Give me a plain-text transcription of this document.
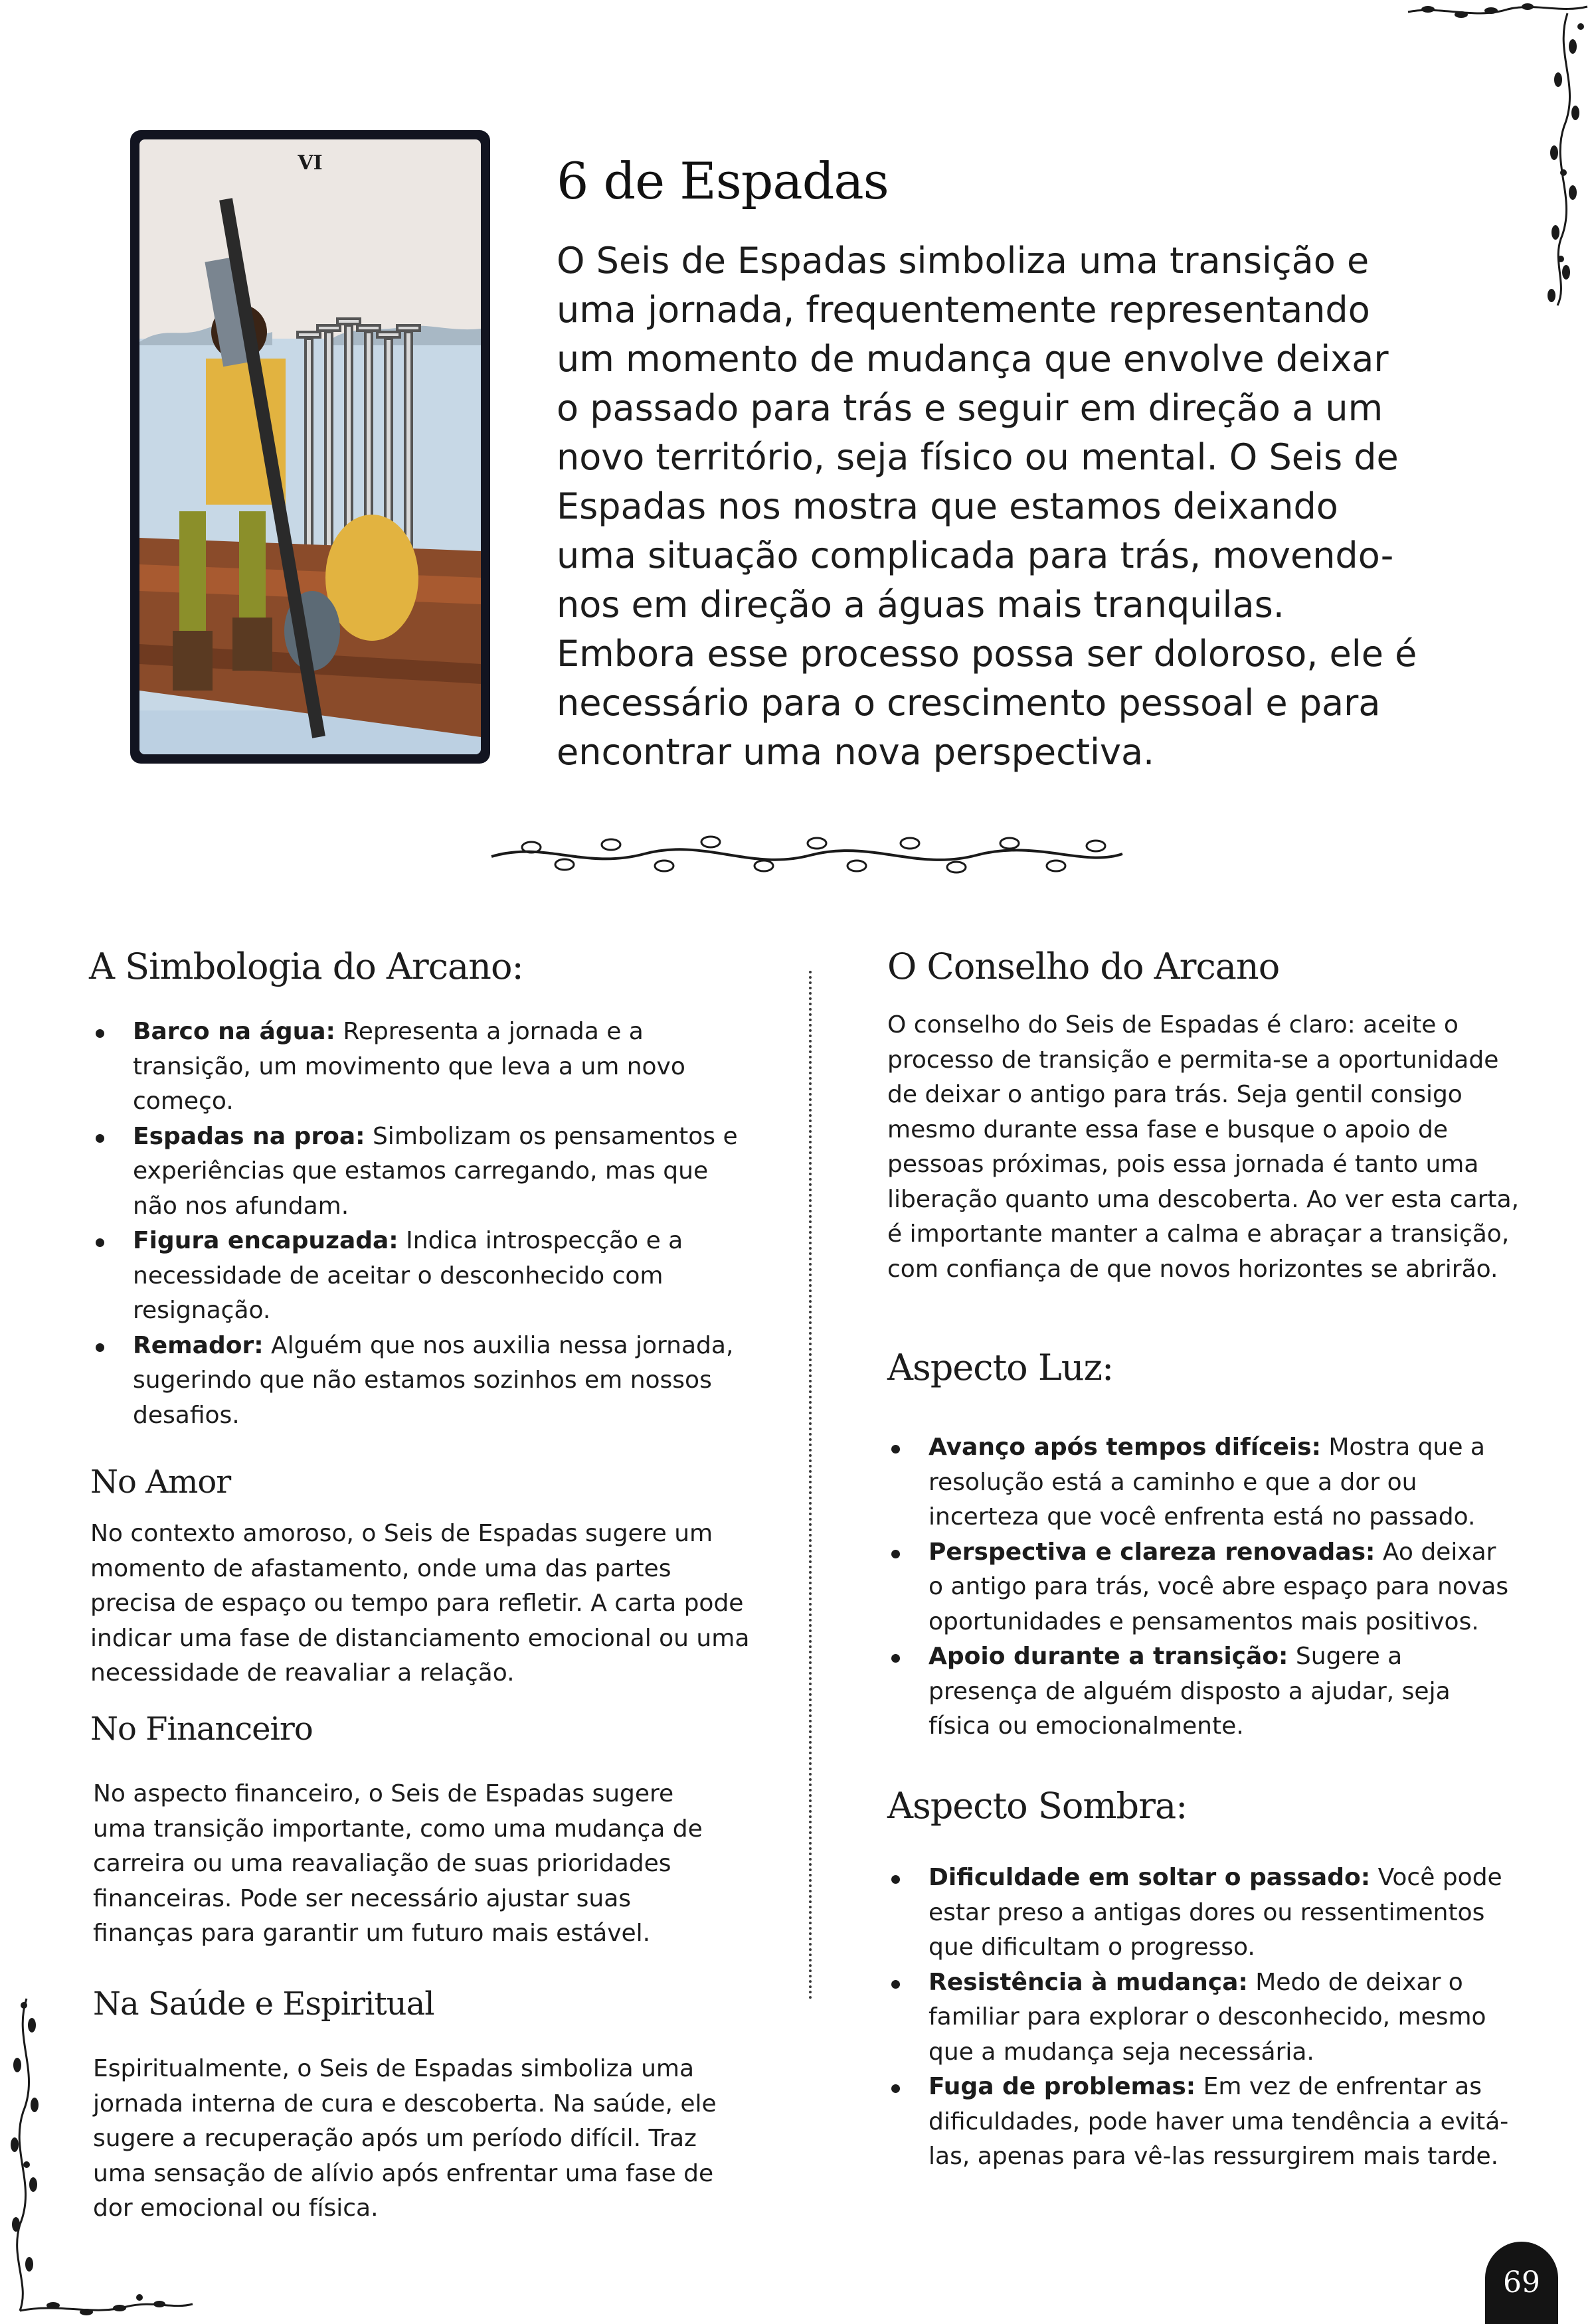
VI	6 de Espadas
O Seis de Espadas simboliza uma transição e uma jornada, frequentemente representando um momento de mudança que envolve deixar o passado para trás e seguir em direção a um novo território, seja físico ou mental. O Seis de Espadas nos mostra que estamos deixando uma situação complicada para trás, movendo-nos em direção a águas mais tranquilas. Embora esse processo possa ser doloroso, ele é necessário para o crescimento pessoal e para encontrar uma nova perspectiva.
A Simbologia do Arcano:
Barco na água: Representa a jornada e a transição, um movimento que leva a um novo começo.
Espadas na proa: Simbolizam os pensamentos e experiências que estamos carregando, mas que não nos afundam.
Figura encapuzada: Indica introspecção e a necessidade de aceitar o desconhecido com resignação.
Remador: Alguém que nos auxilia nessa jornada, sugerindo que não estamos sozinhos em nossos desafios.
No Amor
No contexto amoroso, o Seis de Espadas sugere um momento de afastamento, onde uma das partes precisa de espaço ou tempo para refletir. A carta pode indicar uma fase de distanciamento emocional ou uma necessidade de reavaliar a relação.
No Financeiro
No aspecto financeiro, o Seis de Espadas sugere uma transição importante, como uma mudança de carreira ou uma reavaliação de suas prioridades financeiras. Pode ser necessário ajustar suas finanças para garantir um futuro mais estável.
Na Saúde e Espiritual
Espiritualmente, o Seis de Espadas simboliza uma jornada interna de cura e descoberta. Na saúde, ele sugere a recuperação após um período difícil. Traz uma sensação de alívio após enfrentar uma fase de dor emocional ou física.
O Conselho do Arcano
O conselho do Seis de Espadas é claro: aceite o processo de transição e permita-se a oportunidade de deixar o antigo para trás. Seja gentil consigo mesmo durante essa fase e busque o apoio de pessoas próximas, pois essa jornada é tanto uma liberação quanto uma descoberta. Ao ver esta carta, é importante manter a calma e abraçar a transição, com confiança de que novos horizontes se abrirão.
Aspecto Luz:
Avanço após tempos difíceis: Mostra que a resolução está a caminho e que a dor ou incerteza que você enfrenta está no passado.
Perspectiva e clareza renovadas: Ao deixar o antigo para trás, você abre espaço para novas oportunidades e pensamentos mais positivos.
Apoio durante a transição: Sugere a presença de alguém disposto a ajudar, seja física ou emocionalmente.
Aspecto Sombra:
Dificuldade em soltar o passado: Você pode estar preso a antigas dores ou ressentimentos que dificultam o progresso.
Resistência à mudança: Medo de deixar o familiar para explorar o desconhecido, mesmo que a mudança seja necessária.
Fuga de problemas: Em vez de enfrentar as dificuldades, pode haver uma tendência a evitá-las, apenas para vê-las ressurgirem mais tarde.
69
